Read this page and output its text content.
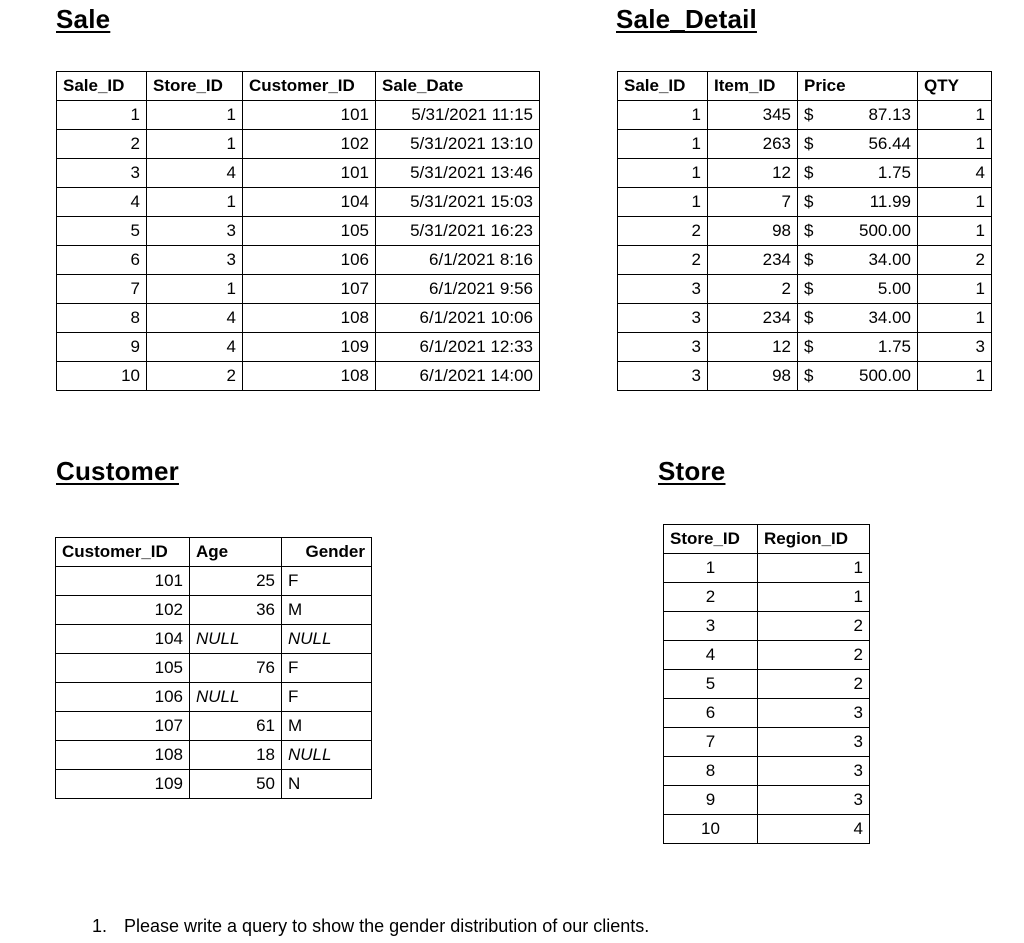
Sale	Sale_Detail
Customer	Store
Sale_ID	Store_ID	Customer_ID	Sale_Date
1	1	101	5/31/2021 11:15
2	1	102	5/31/2021 13:10
3	4	101	5/31/2021 13:46
4	1	104	5/31/2021 15:03
5	3	105	5/31/2021 16:23
6	3	106	6/1/2021 8:16
7	1	107	6/1/2021 9:56
8	4	108	6/1/2021 10:06
9	4	109	6/1/2021 12:33
10	2	108	6/1/2021 14:00
Sale_ID	Item_ID	Price	QTY
1	345	$ 87.13	1
1	263	$ 56.44	1
1	12	$ 1.75	4
1	7	$ 11.99	1
2	98	$ 500.00	1
2	234	$ 34.00	2
3	2	$ 5.00	1
3	234	$ 34.00	1
3	12	$ 1.75	3
3	98	$ 500.00	1
Customer_ID	Age	Gender
101	25	F
102	36	M
104	NULL	NULL
105	76	F
106	NULL	F
107	61	M
108	18	NULL
109	50	N
Store_ID	Region_ID
1	1
2	1
3	2
4	2
5	2
6	3
7	3
8	3
9	3
10	4
1. Please write a query to show the gender distribution of our clients.
